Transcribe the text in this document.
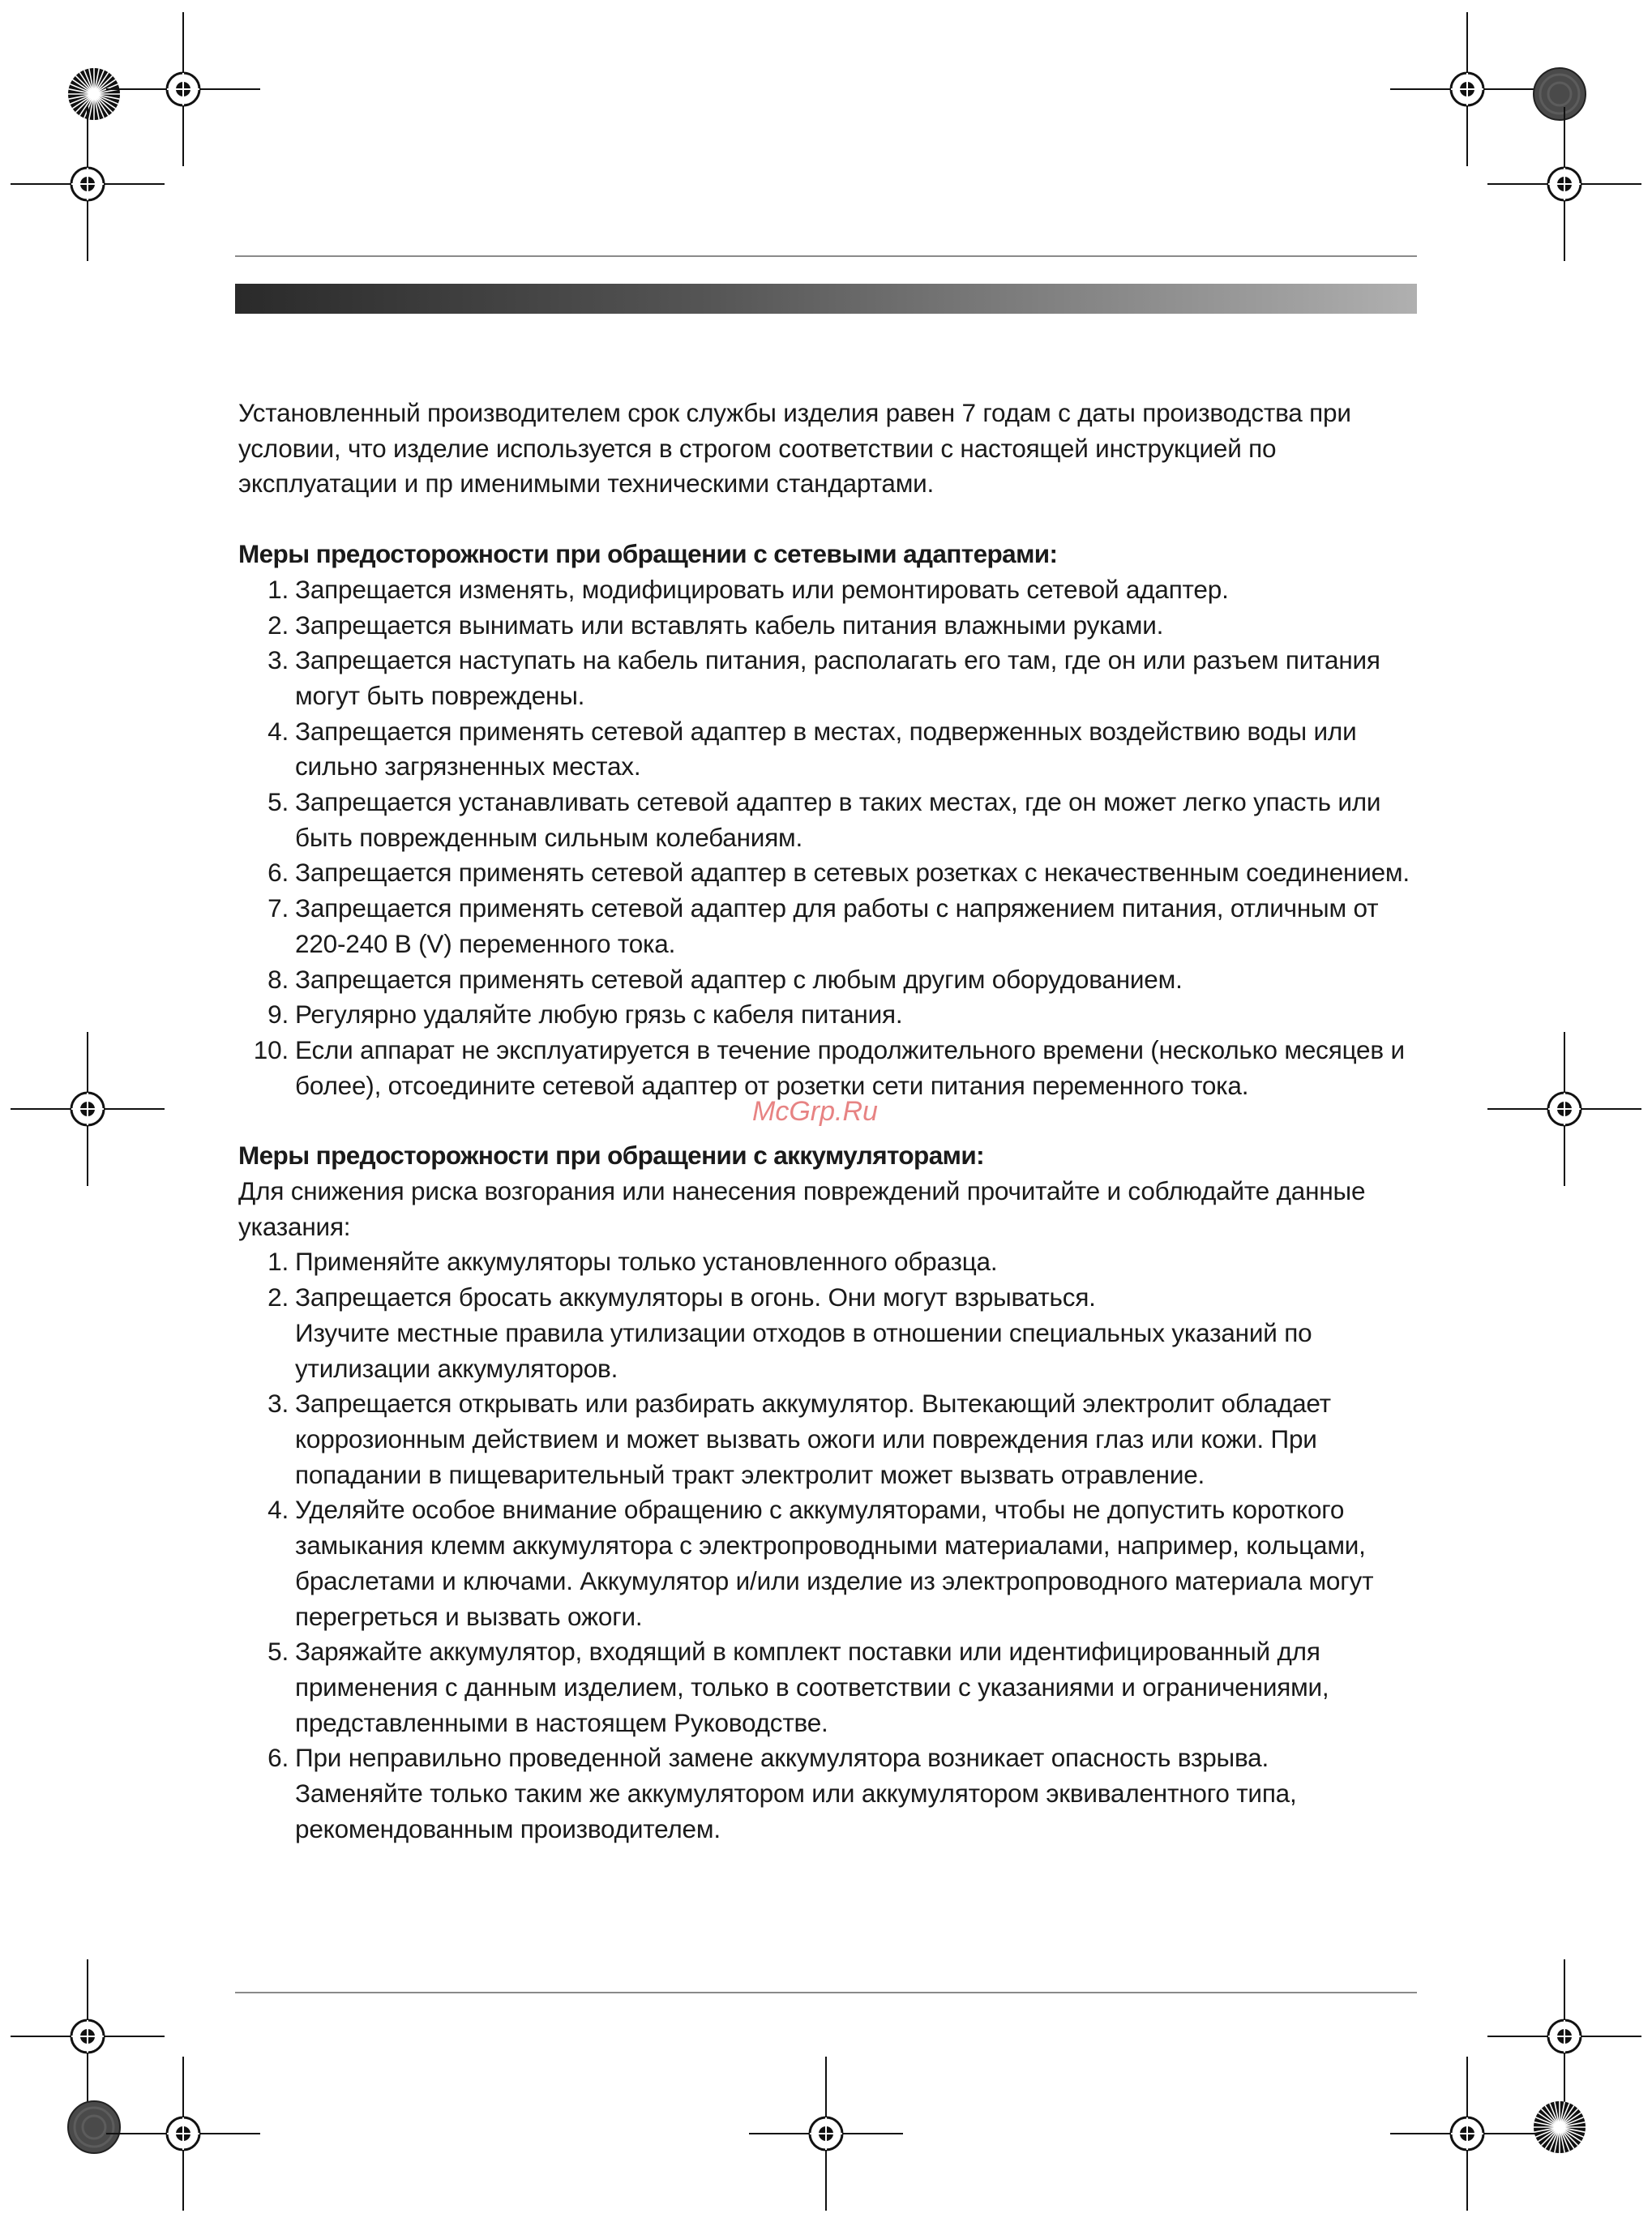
Установленный производителем срок службы изделия равен 7 годам с даты производства при условии, что изделие используется в строгом соответствии с настоящей инструкцией по эксплуатации и пр именимыми техническими стандартами.

Меры предосторожности при обращении с сетевыми адаптерами:
1. Запрещается изменять, модифицировать или ремонтировать сетевой адаптер.
2. Запрещается вынимать или вставлять кабель питания влажными руками.
3. Запрещается наступать на кабель питания, располагать его там, где он или разъем питания могут быть повреждены.
4. Запрещается применять сетевой адаптер в местах, подверженных воздействию воды или сильно загрязненных местах.
5. Запрещается устанавливать сетевой адаптер в таких местах, где он может легко упасть или быть поврежденным сильным колебаниям.
6. Запрещается применять сетевой адаптер в сетевых розетках с некачественным соединением.
7. Запрещается применять сетевой адаптер для работы с напряжением питания, отличным от 220-240 В (V) переменного тока.
8. Запрещается применять сетевой адаптер с любым другим оборудованием.
9. Регулярно удаляйте любую грязь с кабеля питания.
10. Если аппарат не эксплуатируется в течение продолжительного времени (несколько месяцев и более), отсоедините сетевой адаптер от розетки сети питания переменного тока.
Меры предосторожности при обращении с аккумуляторами:

Для снижения риска возгорания или нанесения повреждений прочитайте и соблюдайте данные указания:

1. Применяйте аккумуляторы только установленного образца.
2. Запрещается бросать аккумуляторы в огонь. Они могут взрываться.
Изучите местные правила утилизации отходов в отношении специальных указаний по утилизации аккумуляторов.
3. Запрещается открывать или разбирать аккумулятор. Вытекающий электролит обладает коррозионным действием и может вызвать ожоги или повреждения глаз или кожи. При попадании в пищеварительный тракт электролит может вызвать отравление.
4. Уделяйте особое внимание обращению с аккумуляторами, чтобы не допустить короткого замыкания клемм аккумулятора с электропроводными материалами, например, кольцами, браслетами и ключами. Аккумулятор и/или изделие из электропроводного материала могут перегреться и вызвать ожоги.
5. Заряжайте аккумулятор, входящий в комплект поставки или идентифицированный для применения с данным изделием, только в соответствии с указаниями и ограничениями, представленными в настоящем Руководстве.
6. При неправильно проведенной замене аккумулятора возникает опасность взрыва.
Заменяйте только таким же аккумулятором или аккумулятором эквивалентного типа, рекомендованным производителем.
McGrp.Ru
